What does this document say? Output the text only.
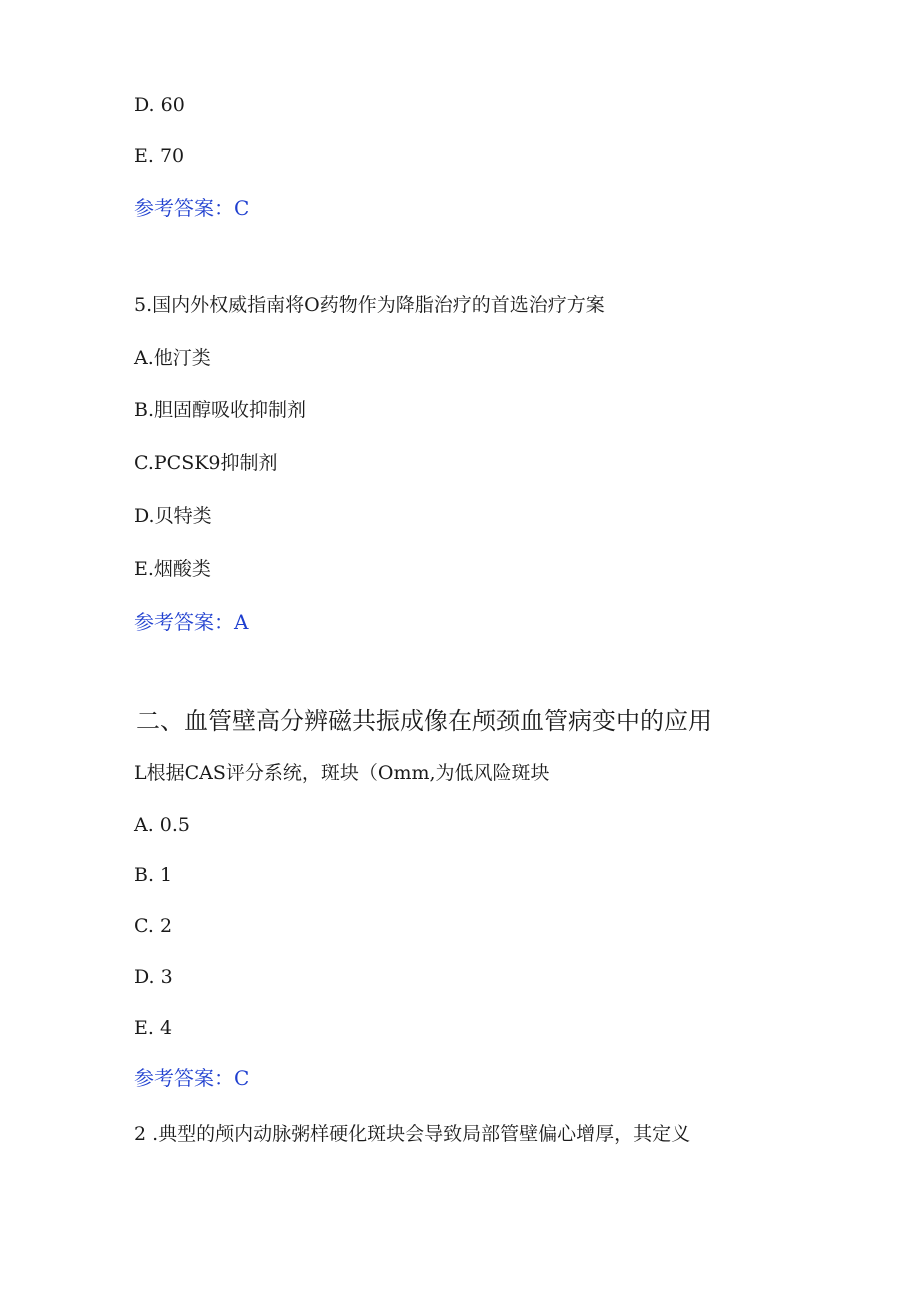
D. 60
E. 70
参考答案：C
5.国内外权威指南将O药物作为降脂治疗的首选治疗方案
A.他汀类
B.胆固醇吸收抑制剂
C.PCSK9抑制剂
D.贝特类
E.烟酸类
参考答案：A
二、血管壁高分辨磁共振成像在颅颈血管病变中的应用
L根据CAS评分系统，斑块（Omm,为低风险斑块
A. 0.5
B. 1
C. 2
D. 3
E. 4
参考答案：C
2 .典型的颅内动脉粥样硬化斑块会导致局部管壁偏心增厚，其定义
